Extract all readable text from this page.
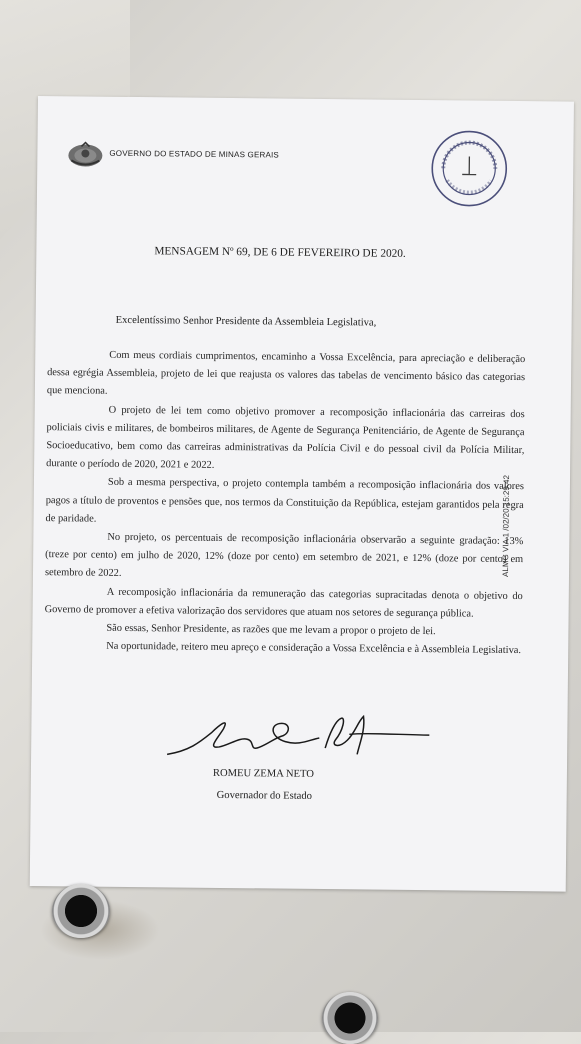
GOVERNO DO ESTADO DE MINAS GERAIS
MENSAGEM Nº 69, DE 6 DE FEVEREIRO DE 2020.
Excelentíssimo Senhor Presidente da Assembleia Legislativa,

Com meus cordiais cumprimentos, encaminho a Vossa Excelência, para apreciação e deliberação dessa egrégia Assembleia, projeto de lei que reajusta os valores das tabelas de vencimento básico das categorias que menciona.

O projeto de lei tem como objetivo promover a recomposição inflacionária das carreiras dos policiais civis e militares, de bombeiros militares, de Agente de Segurança Penitenciário, de Agente de Segurança Socioeducativo, bem como das carreiras administrativas da Polícia Civil e do pessoal civil da Polícia Militar, durante o período de 2020, 2021 e 2022.

Sob a mesma perspectiva, o projeto contempla também a recomposição inflacionária dos valores pagos a título de proventos e pensões que, nos termos da Constituição da República, estejam garantidos pela regra de paridade.

No projeto, os percentuais de recomposição inflacionária observarão a seguinte gradação: 13% (treze por cento) em julho de 2020, 12% (doze por cento) em setembro de 2021, e 12% (doze por cento) em setembro de 2022.

A recomposição inflacionária da remuneração das categorias supracitadas denota o objetivo do Governo de promover a efetiva valorização dos servidores que atuam nos setores de segurança pública.

São essas, Senhor Presidente, as razões que me levam a propor o projeto de lei.

Na oportunidade, reitero meu apreço e consideração a Vossa Excelência e à Assembleia Legislativa.

ALMG VIA 1 /02/20 15:29:42
ROMEU ZEMA NETO
Governador do Estado
